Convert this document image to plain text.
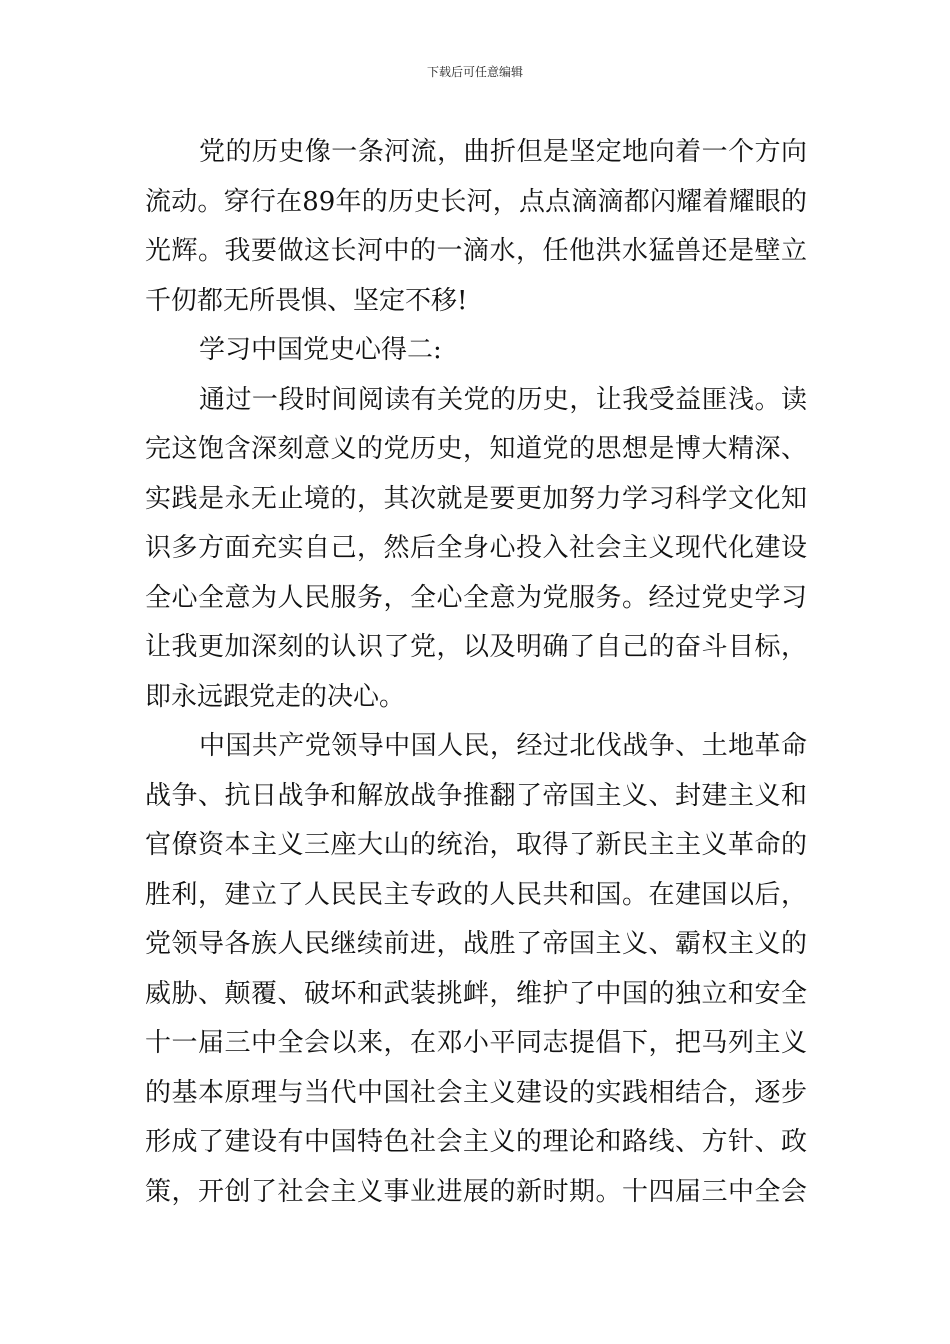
下载后可任意编辑
党的历史像一条河流，曲折但是坚定地向着一个方向
流动。穿行在89年的历史长河，点点滴滴都闪耀着耀眼的
光辉。我要做这长河中的一滴水，任他洪水猛兽还是壁立
千仞都无所畏惧、坚定不移!
学习中国党史心得二:
通过一段时间阅读有关党的历史，让我受益匪浅。读
完这饱含深刻意义的党历史，知道党的思想是博大精深、
实践是永无止境的，其次就是要更加努力学习科学文化知
识多方面充实自己，然后全身心投入社会主义现代化建设
全心全意为人民服务，全心全意为党服务。经过党史学习
让我更加深刻的认识了党，以及明确了自己的奋斗目标，
即永远跟党走的决心。
中国共产党领导中国人民，经过北伐战争、土地革命
战争、抗日战争和解放战争推翻了帝国主义、封建主义和
官僚资本主义三座大山的统治，取得了新民主主义革命的
胜利，建立了人民民主专政的人民共和国。在建国以后，
党领导各族人民继续前进，战胜了帝国主义、霸权主义的
威胁、颠覆、破坏和武装挑衅，维护了中国的独立和安全
十一届三中全会以来，在邓小平同志提倡下，把马列主义
的基本原理与当代中国社会主义建设的实践相结合，逐步
形成了建设有中国特色社会主义的理论和路线、方针、政
策，开创了社会主义事业进展的新时期。十四届三中全会
